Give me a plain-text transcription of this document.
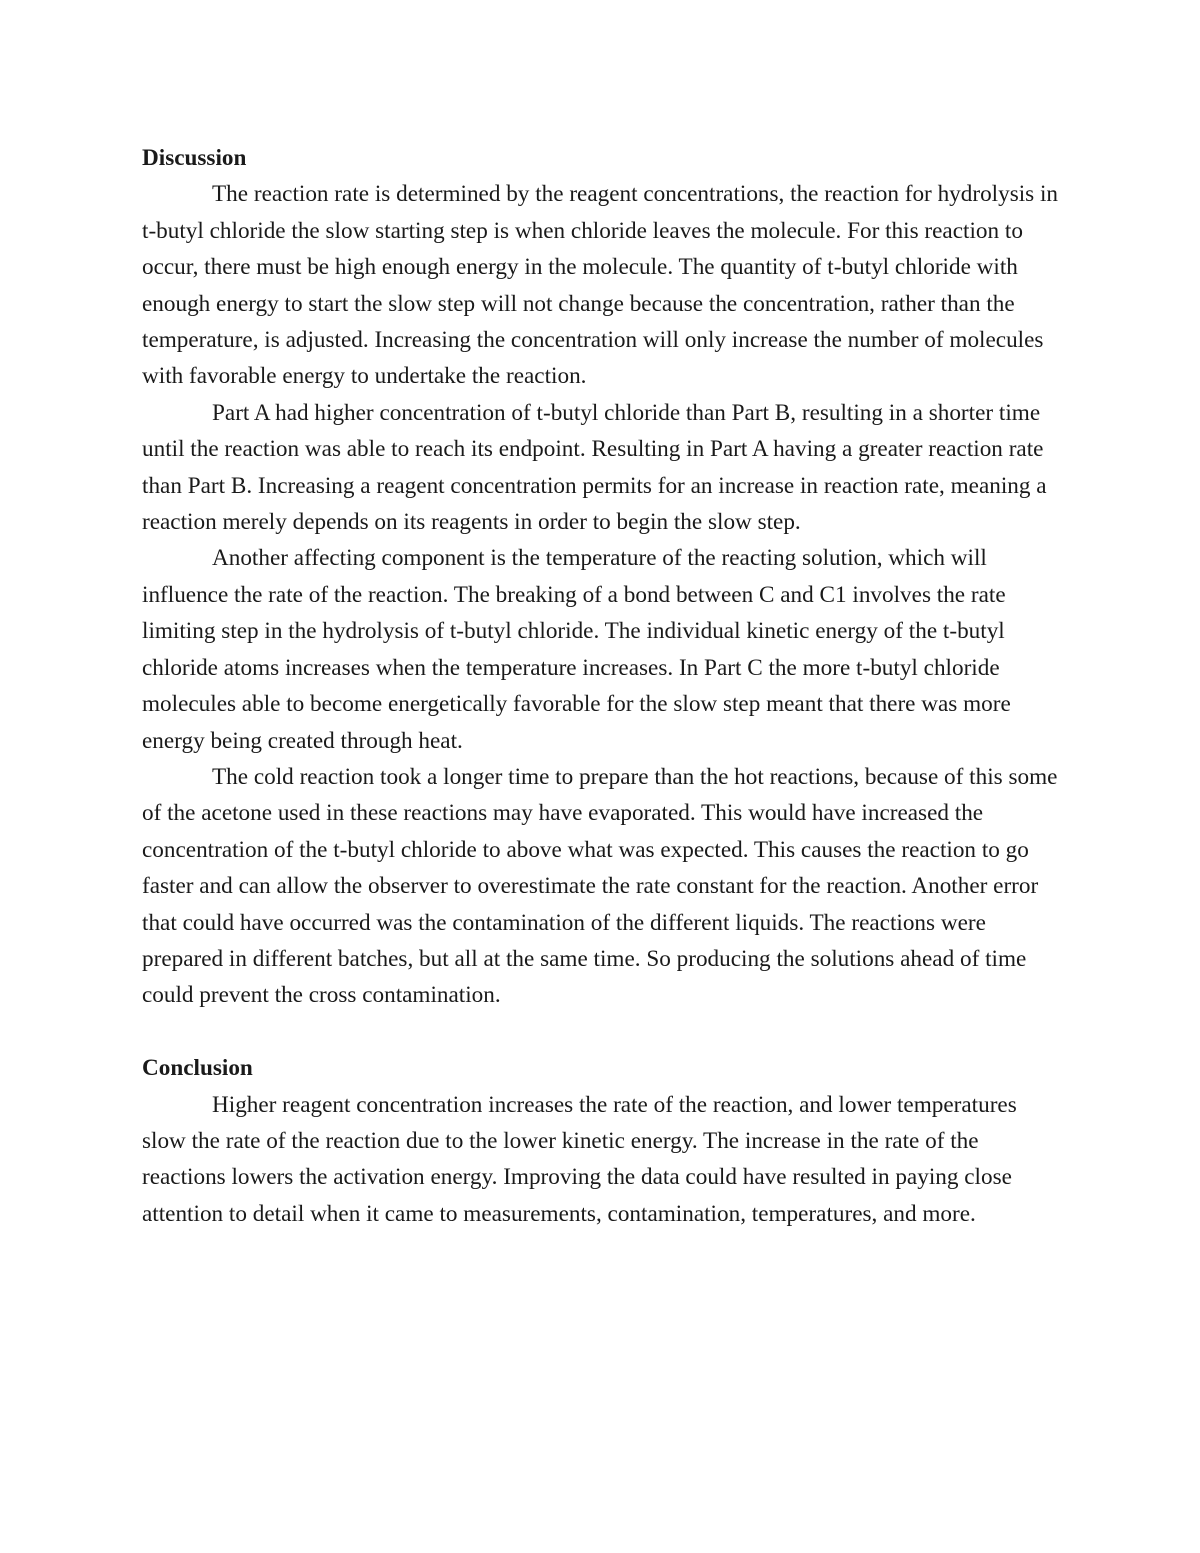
Discussion

The reaction rate is determined by the reagent concentrations, the reaction for hydrolysis in t-butyl chloride the slow starting step is when chloride leaves the molecule. For this reaction to occur, there must be high enough energy in the molecule. The quantity of t-butyl chloride with enough energy to start the slow step will not change because the concentration, rather than the temperature, is adjusted. Increasing the concentration will only increase the number of molecules with favorable energy to undertake the reaction.

Part A had higher concentration of t-butyl chloride than Part B, resulting in a shorter time until the reaction was able to reach its endpoint. Resulting in Part A having a greater reaction rate than Part B. Increasing a reagent concentration permits for an increase in reaction rate, meaning a reaction merely depends on its reagents in order to begin the slow step.

Another affecting component is the temperature of the reacting solution, which will influence the rate of the reaction. The breaking of a bond between C and C1 involves the rate limiting step in the hydrolysis of t-butyl chloride. The individual kinetic energy of the t-butyl chloride atoms increases when the temperature increases. In Part C the more t-butyl chloride molecules able to become energetically favorable for the slow step meant that there was more energy being created through heat.

The cold reaction took a longer time to prepare than the hot reactions, because of this some of the acetone used in these reactions may have evaporated. This would have increased the concentration of the t-butyl chloride to above what was expected. This causes the reaction to go faster and can allow the observer to overestimate the rate constant for the reaction. Another error that could have occurred was the contamination of the different liquids. The reactions were prepared in different batches, but all at the same time. So producing the solutions ahead of time could prevent the cross contamination.

Conclusion

Higher reagent concentration increases the rate of the reaction, and lower temperatures slow the rate of the reaction due to the lower kinetic energy. The increase in the rate of the reactions lowers the activation energy. Improving the data could have resulted in paying close attention to detail when it came to measurements, contamination, temperatures, and more.
